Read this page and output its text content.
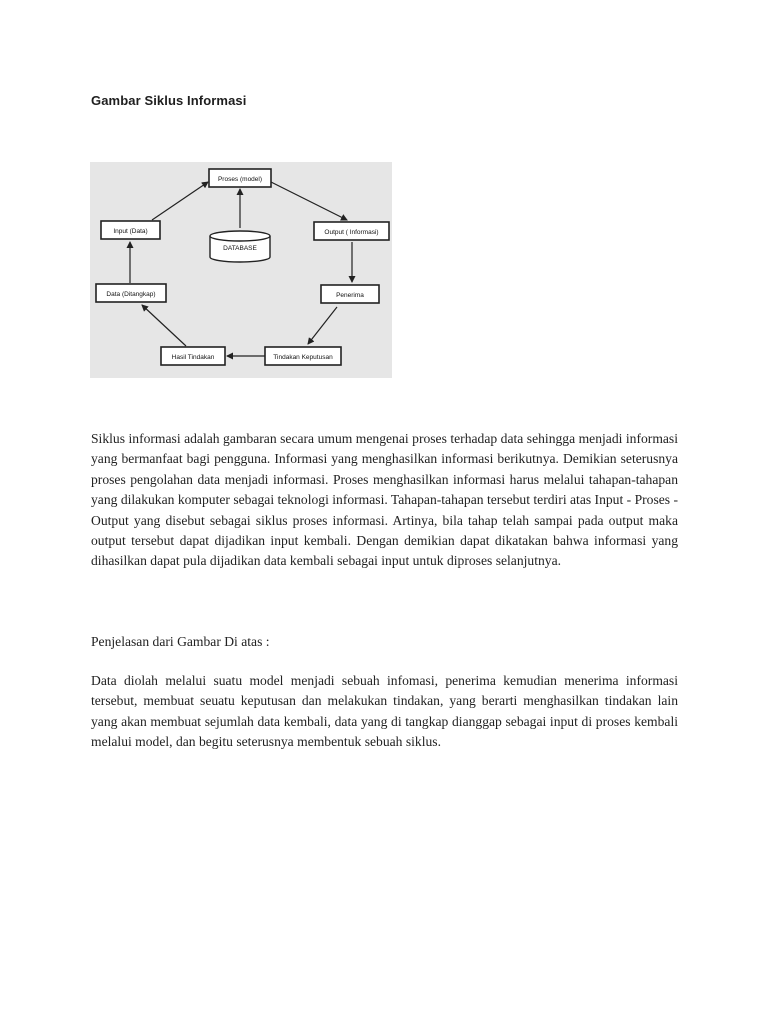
Gambar Siklus Informasi
Proses (model)
Input (Data)	Output ( Informasi)
DATABASE
Data (Ditangkap)	Penerima
Hasil Tindakan	Tindakan Keputusan

Siklus informasi adalah gambaran secara umum mengenai proses terhadap data sehingga menjadi informasi yang bermanfaat bagi pengguna. Informasi yang menghasilkan informasi berikutnya. Demikian seterusnya proses pengolahan data menjadi informasi. Proses menghasilkan informasi harus melalui tahapan-tahapan yang dilakukan komputer sebagai teknologi informasi. Tahapan-tahapan tersebut terdiri atas Input - Proses - Output yang disebut sebagai siklus proses informasi. Artinya, bila tahap telah sampai pada output maka output tersebut dapat dijadikan input kembali. Dengan demikian dapat dikatakan bahwa informasi yang dihasilkan dapat pula dijadikan data kembali sebagai input untuk diproses selanjutnya.

Penjelasan dari Gambar Di atas :

Data diolah melalui suatu model menjadi sebuah infomasi, penerima kemudian menerima informasi tersebut, membuat seuatu keputusan dan melakukan tindakan, yang berarti menghasilkan tindakan lain yang akan membuat sejumlah data kembali, data yang di tangkap dianggap sebagai input di proses kembali melalui model, dan begitu seterusnya membentuk sebuah siklus.
